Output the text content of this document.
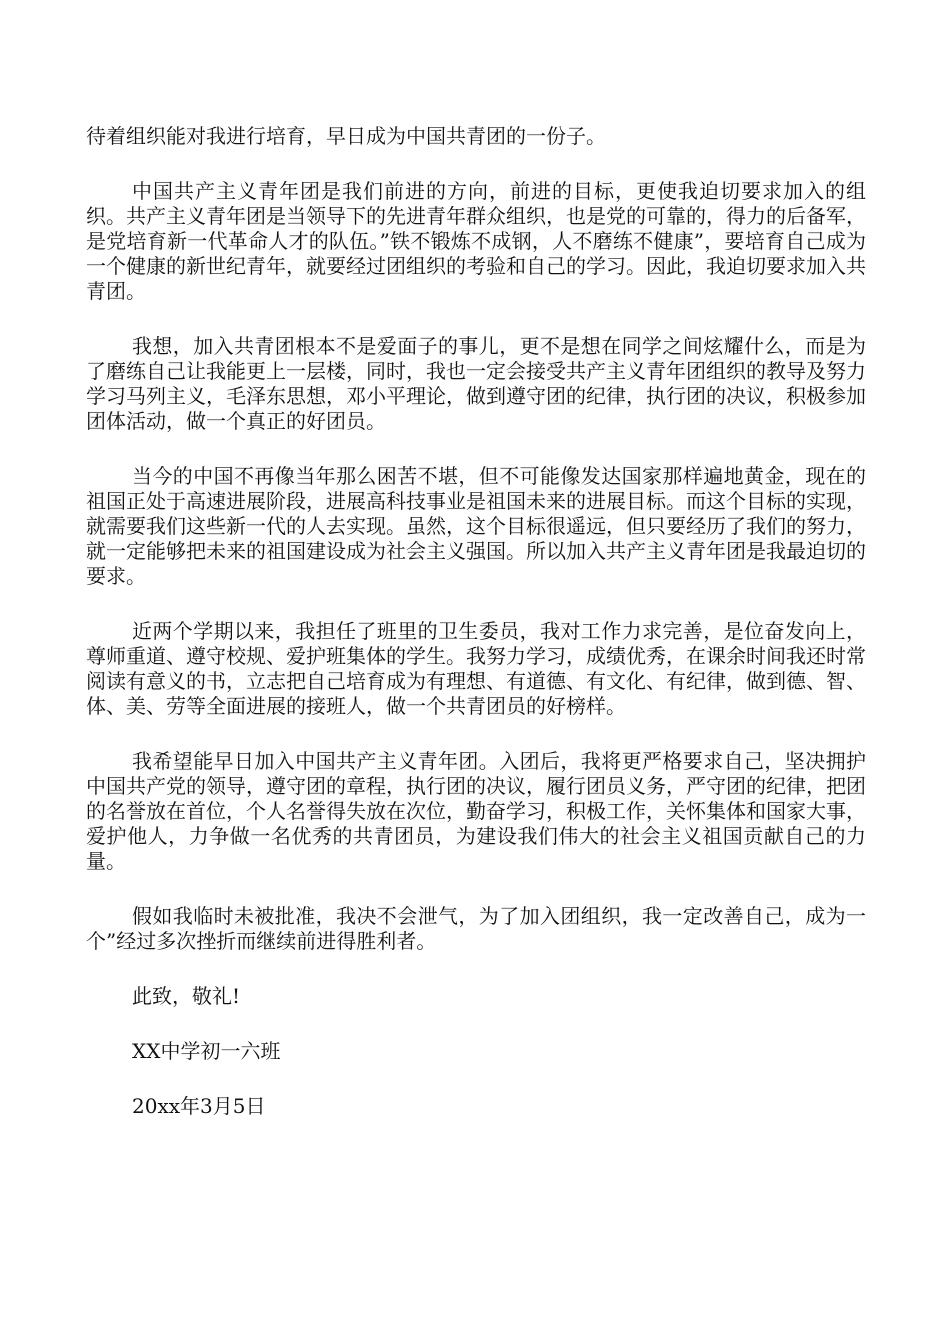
待着组织能对我进行培育，早日成为中国共青团的一份子。

中国共产主义青年团是我们前进的方向，前进的目标，更使我迫切要求加入的组织。共产主义青年团是当领导下的先进青年群众组织，也是党的可靠的，得力的后备军，是党培育新一代革命人才的队伍。”铁不锻炼不成钢，人不磨练不健康”，要培育自己成为一个健康的新世纪青年，就要经过团组织的考验和自己的学习。因此，我迫切要求加入共青团。

我想，加入共青团根本不是爱面子的事儿，更不是想在同学之间炫耀什么，而是为了磨练自己让我能更上一层楼，同时，我也一定会接受共产主义青年团组织的教导及努力学习马列主义，毛泽东思想，邓小平理论，做到遵守团的纪律，执行团的决议，积极参加团体活动，做一个真正的好团员。

当今的中国不再像当年那么困苦不堪，但不可能像发达国家那样遍地黄金，现在的祖国正处于高速进展阶段，进展高科技事业是祖国未来的进展目标。而这个目标的实现，就需要我们这些新一代的人去实现。虽然，这个目标很遥远，但只要经历了我们的努力，就一定能够把未来的祖国建设成为社会主义强国。所以加入共产主义青年团是我最迫切的要求。

近两个学期以来，我担任了班里的卫生委员，我对工作力求完善，是位奋发向上，尊师重道、遵守校规、爱护班集体的学生。我努力学习，成绩优秀，在课余时间我还时常阅读有意义的书，立志把自己培育成为有理想、有道德、有文化、有纪律，做到德、智、体、美、劳等全面进展的接班人，做一个共青团员的好榜样。

我希望能早日加入中国共产主义青年团。入团后，我将更严格要求自己，坚决拥护中国共产党的领导，遵守团的章程，执行团的决议，履行团员义务，严守团的纪律，把团的名誉放在首位，个人名誉得失放在次位，勤奋学习，积极工作，关怀集体和国家大事，爱护他人，力争做一名优秀的共青团员，为建设我们伟大的社会主义祖国贡献自己的力量。

假如我临时未被批准，我决不会泄气，为了加入团组织，我一定改善自己，成为一个”经过多次挫折而继续前进得胜利者。

此致，敬礼!

XX中学初一六班

20xx年3月5日
